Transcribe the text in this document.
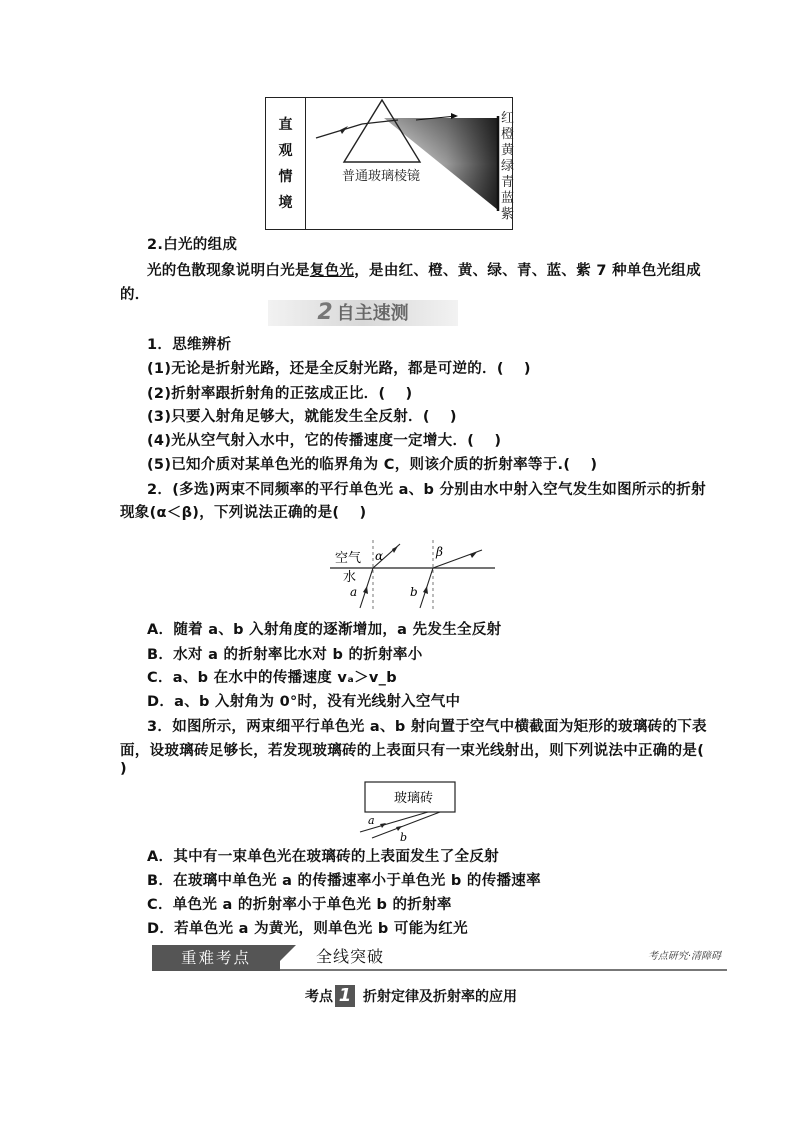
直
观
情
境
普通玻璃棱镜
红
橙
黄
绿
青
蓝
紫
2.白光的组成
光的色散现象说明白光是复色光，是由红、橙、黄、绿、青、蓝、紫 7 种单色光组成
的．
2 自主速测
1．思维辨析
(1)无论是折射光路，还是全反射光路，都是可逆的．(　 )
(2)折射率跟折射角的正弦成正比．(　 )
(3)只要入射角足够大，就能发生全反射．(　 )
(4)光从空气射入水中，它的传播速度一定增大．(　 )
(5)已知介质对某单色光的临界角为 C，则该介质的折射率等于.(　 )
2．(多选)两束不同频率的平行单色光 a、b 分别由水中射入空气发生如图所示的折射
现象(α＜β)，下列说法正确的是(　 )
空气
水
α	β
a	b
A．随着 a、b 入射角度的逐渐增加，a 先发生全反射
B．水对 a 的折射率比水对 b 的折射率小
C．a、b 在水中的传播速度 vₐ＞v_b
D．a、b 入射角为 0°时，没有光线射入空气中
3．如图所示，两束细平行单色光 a、b 射向置于空气中横截面为矩形的玻璃砖的下表
面，设玻璃砖足够长，若发现玻璃砖的上表面只有一束光线射出，则下列说法中正确的是(
)
玻璃砖
a
b
A．其中有一束单色光在玻璃砖的上表面发生了全反射
B．在玻璃中单色光 a 的传播速率小于单色光 b 的传播速率
C．单色光 a 的折射率小于单色光 b 的折射率
D．若单色光 a 为黄光，则单色光 b 可能为红光
全线突破	考点研究·清障碍
重难考点
考点 1 折射定律及折射率的应用
